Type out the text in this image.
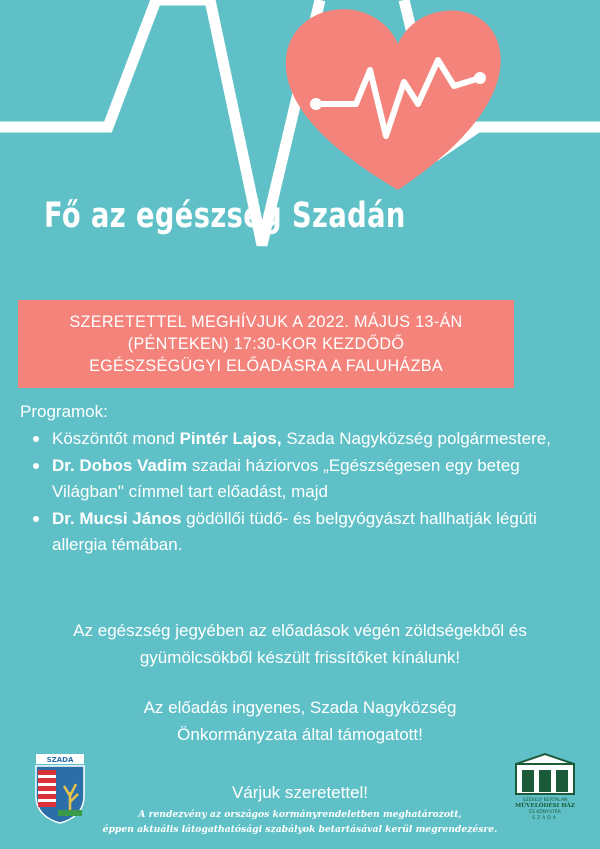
Fő az egészség Szadán
SZERETETTEL MEGHÍVJUK A 2022. MÁJUS 13-ÁN
(PÉNTEKEN) 17:30-KOR KEZDŐDŐ
EGÉSZSÉGÜGYI ELŐADÁSRA A FALUHÁZBA
Programok:
Köszöntőt mond Pintér Lajos, Szada Nagyközség polgármestere,
Dr. Dobos Vadim szadai háziorvos „Egészségesen egy beteg Világban" címmel tart előadást, majd
Dr. Mucsi János gödöllői tüdő- és belgyógyászt hallhatják légúti allergia témában.
Az egészség jegyében az előadások végén zöldségekből és
gyümölcsökből készült frissítőket kínálunk!
Az előadás ingyenes, Szada Nagyközség
Önkormányzata által támogatott!
SZADA
Várjuk szeretettel!
A rendezvény az országos kormányrendeletben meghatározott,
éppen aktuális látogathatósági szabályok betartásával kerül megrendezésre.
SZÉKELY BERTALAN
MŰVELŐDÉSI HÁZ
ÉS KÖNYVTÁR
SZADA
